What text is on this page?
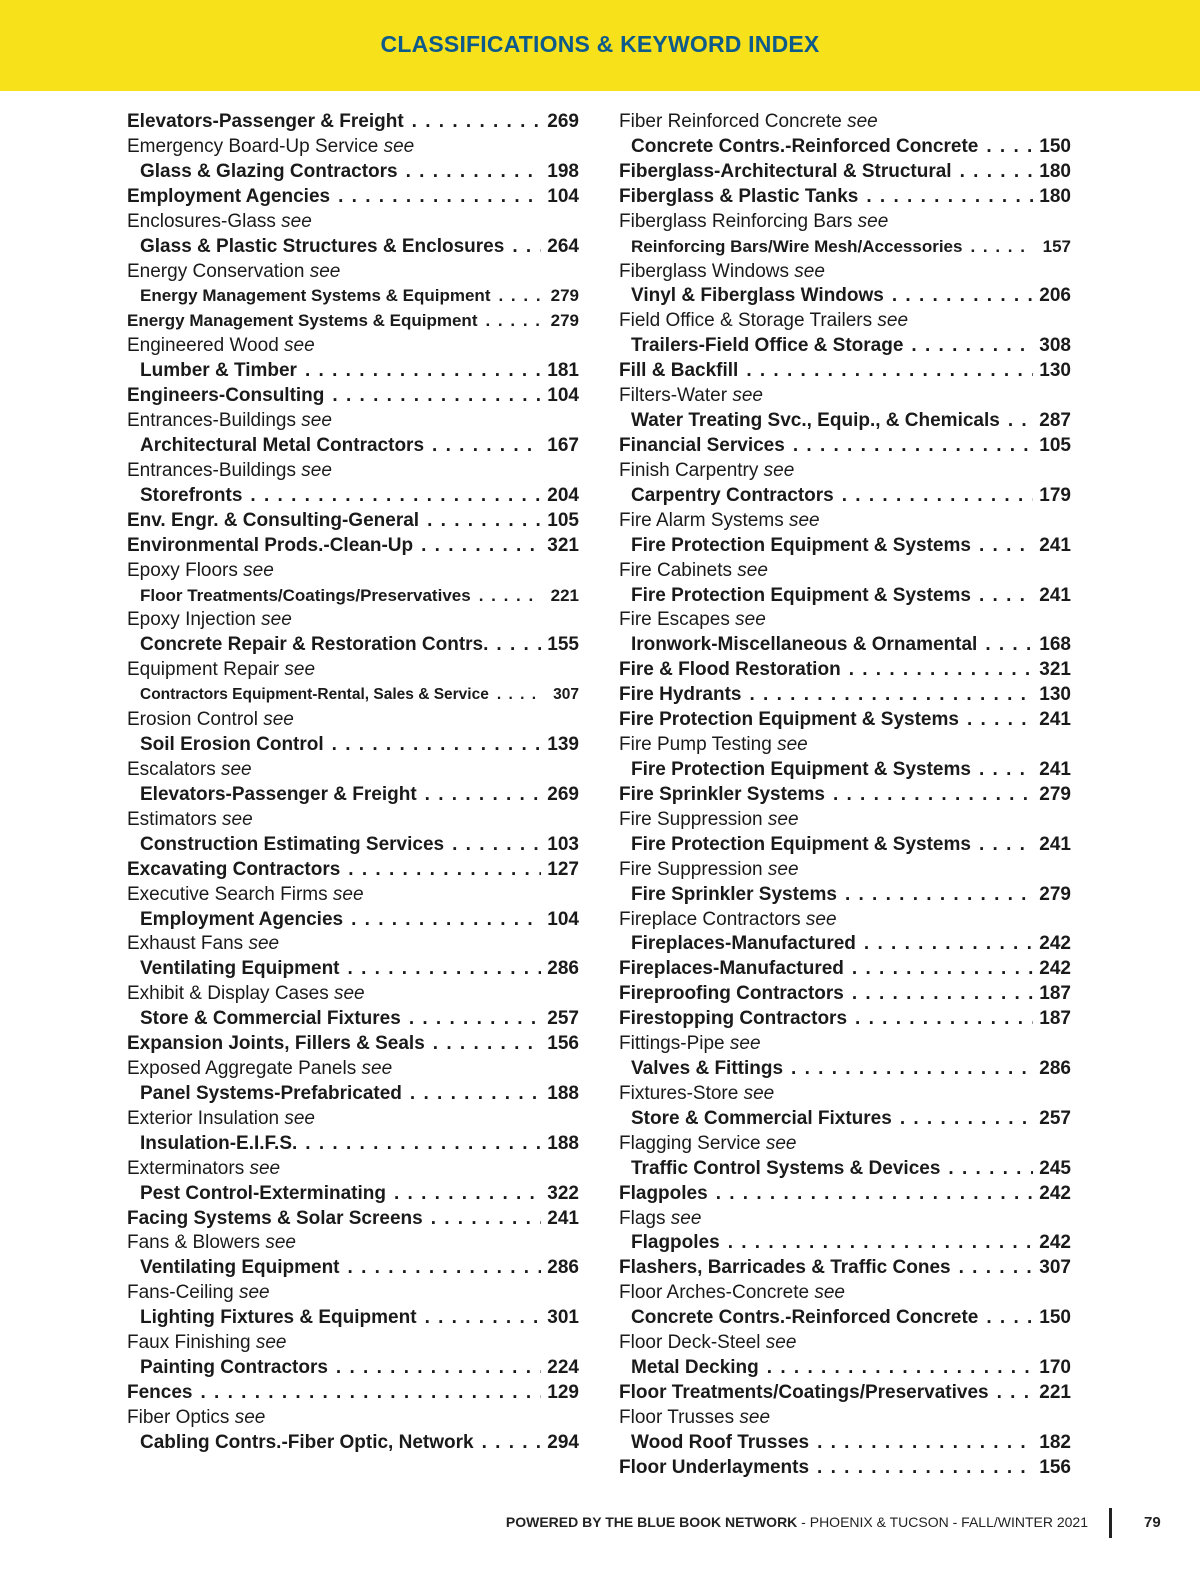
CLASSIFICATIONS & KEYWORD INDEX
Elevators-Passenger & Freight . . .	269
Emergency Board-Up Service see
Glass & Glazing Contractors . . .	198
Employment Agencies . . .	104
Enclosures-Glass see
Glass & Plastic Structures & Enclosures . . . 264
Energy Conservation see
Energy Management Systems & Equipment . . .	279
Energy Management Systems & Equipment . . .	279
Engineered Wood see
Lumber & Timber . . .	181
Engineers-Consulting . . .	104
Entrances-Buildings see
Architectural Metal Contractors . . .	167
Entrances-Buildings see
Storefronts . . .	204
Env. Engr. & Consulting-General . . .	105
Environmental Prods.-Clean-Up . . .	321
Epoxy Floors see
Floor Treatments/Coatings/Preservatives . . .	221
Epoxy Injection see
Concrete Repair & Restoration Contrs. . . .	155
Equipment Repair see
Contractors Equipment-Rental, Sales & Service . . .	307
Erosion Control see
Soil Erosion Control . . .	139
Escalators see
Elevators-Passenger & Freight . . .	269
Estimators see
Construction Estimating Services . . .	103
Excavating Contractors . . .	127
Executive Search Firms see
Employment Agencies . . .	104
Exhaust Fans see
Ventilating Equipment . . .	286
Exhibit & Display Cases see
Store & Commercial Fixtures . . .	257
Expansion Joints, Fillers & Seals . . .	156
Exposed Aggregate Panels see
Panel Systems-Prefabricated . . .	188
Exterior Insulation see
Insulation-E.I.F.S. . . .	188
Exterminators see
Pest Control-Exterminating . . .	322
Facing Systems & Solar Screens . . .	241
Fans & Blowers see
Ventilating Equipment . . .	286
Fans-Ceiling see
Lighting Fixtures & Equipment . . .	301
Faux Finishing see
Painting Contractors . . .	224
Fences . . .	129
Fiber Optics see
Cabling Contrs.-Fiber Optic, Network . . .	294
Fiber Reinforced Concrete see
Concrete Contrs.-Reinforced Concrete . . .	150
Fiberglass-Architectural & Structural . . .	180
Fiberglass & Plastic Tanks . . .	180
Fiberglass Reinforcing Bars see
Reinforcing Bars/Wire Mesh/Accessories . . .	157
Fiberglass Windows see
Vinyl & Fiberglass Windows . . .	206
Field Office & Storage Trailers see
Trailers-Field Office & Storage . . .	308
Fill & Backfill . . .	130
Filters-Water see
Water Treating Svc., Equip., & Chemicals . . . 287
Financial Services . . .	105
Finish Carpentry see
Carpentry Contractors . . .	179
Fire Alarm Systems see
Fire Protection Equipment & Systems . . .	241
Fire Cabinets see
Fire Protection Equipment & Systems . . .	241
Fire Escapes see
Ironwork-Miscellaneous & Ornamental . . .	168
Fire & Flood Restoration . . .	321
Fire Hydrants . . .	130
Fire Protection Equipment & Systems . . .	241
Fire Pump Testing see
Fire Protection Equipment & Systems . . .	241
Fire Sprinkler Systems . . .	279
Fire Suppression see
Fire Protection Equipment & Systems . . .	241
Fire Suppression see
Fire Sprinkler Systems . . .	279
Fireplace Contractors see
Fireplaces-Manufactured . . .	242
Fireplaces-Manufactured . . .	242
Fireproofing Contractors . . .	187
Firestopping Contractors . . .	187
Fittings-Pipe see
Valves & Fittings . . .	286
Fixtures-Store see
Store & Commercial Fixtures . . .	257
Flagging Service see
Traffic Control Systems & Devices . . .	245
Flagpoles . . .	242
Flags see
Flagpoles . . .	242
Flashers, Barricades & Traffic Cones . . .	307
Floor Arches-Concrete see
Concrete Contrs.-Reinforced Concrete . . .	150
Floor Deck-Steel see
Metal Decking . . .	170
Floor Treatments/Coatings/Preservatives . . .	221
Floor Trusses see
Wood Roof Trusses . . .	182
Floor Underlayments . . .	156
POWERED BY THE BLUE BOOK NETWORK - PHOENIX & TUCSON - FALL/WINTER 2021	79
